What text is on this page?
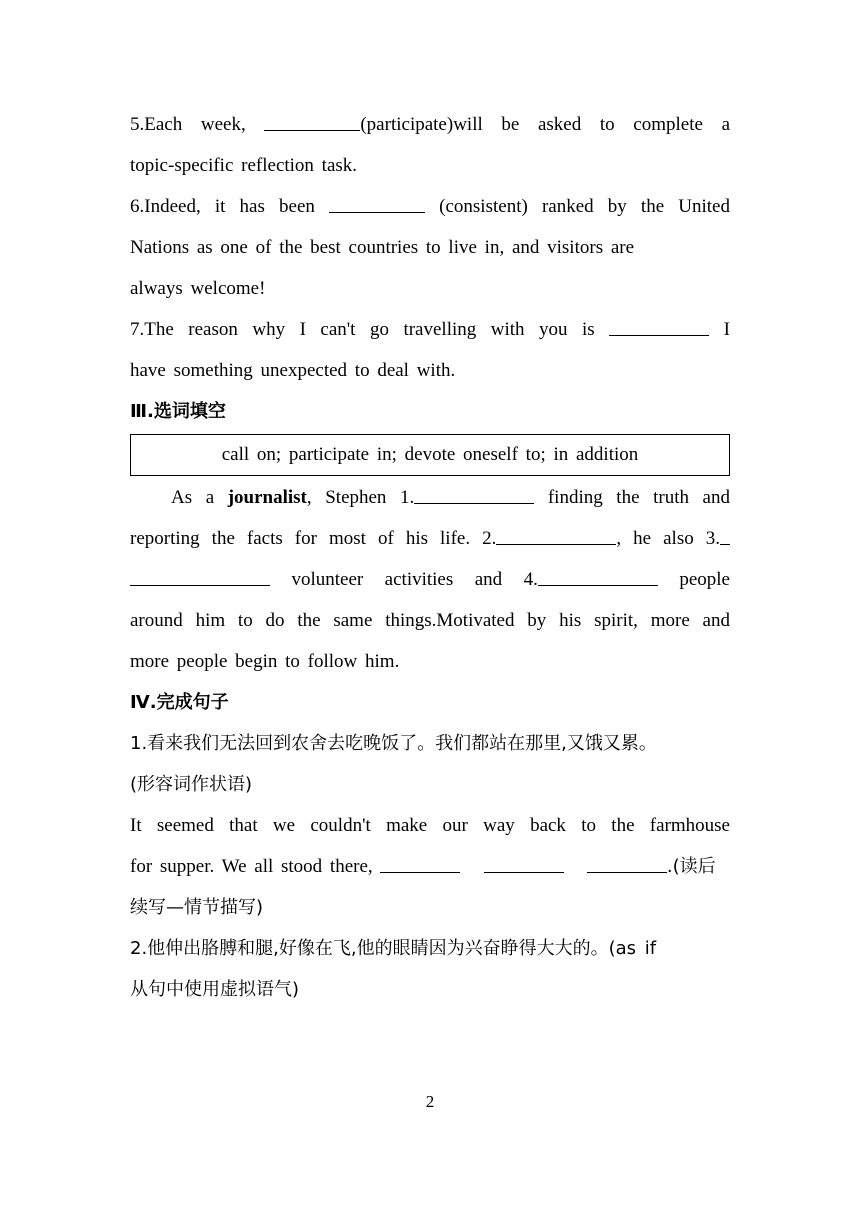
5.Each week,	(participate)will be asked to complete a
topic-specific reflection task.
6.Indeed, it has been	(consistent) ranked by the United
Nations as one of the best countries to live in, and visitors are
always welcome!
7.The reason why I can't go travelling with you is	I
have something unexpected to deal with.
Ⅲ.选词填空
call on; participate in; devote oneself to; in addition
As a journalist, Stephen 1.	finding the truth and
reporting the facts for most of his life. 2.	, he also 3.
volunteer activities and 4.	people
around him to do the same things.Motivated by his spirit, more and
more people begin to follow him.
Ⅳ.完成句子
1.看来我们无法回到农舍去吃晚饭了。我们都站在那里,又饿又累。
(形容词作状语)
It seemed that we couldn't make our way back to the farmhouse
for supper. We all stood there,	.(读后
续写—情节描写)
2.他伸出胳膊和腿,好像在飞,他的眼睛因为兴奋睁得大大的。(as if
从句中使用虚拟语气)
2
